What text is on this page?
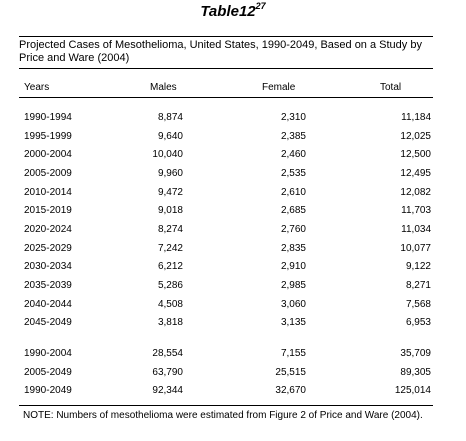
$Table12^{27}$
Projected Cases of Mesothelioma, United States, 1990-2049, Based on a Study by Price and Ware (2004)
Years	Males	Female	Total
1990-1994	8,874	2,310	11,184
1995-1999	9,640	2,385	12,025
2000-2004	10,040	2,460	12,500
2005-2009	9,960	2,535	12,495
2010-2014	9,472	2,610	12,082
2015-2019	9,018	2,685	11,703
2020-2024	8,274	2,760	11,034
2025-2029	7,242	2,835	10,077
2030-2034	6,212	2,910	9,122
2035-2039	5,286	2,985	8,271
2040-2044	4,508	3,060	7,568
2045-2049	3,818	3,135	6,953
1990-2004	28,554	7,155	35,709
2005-2049	63,790	25,515	89,305
1990-2049	92,344	32,670	125,014
NOTE: Numbers of mesothelioma were estimated from Figure 2 of Price and Ware (2004).
